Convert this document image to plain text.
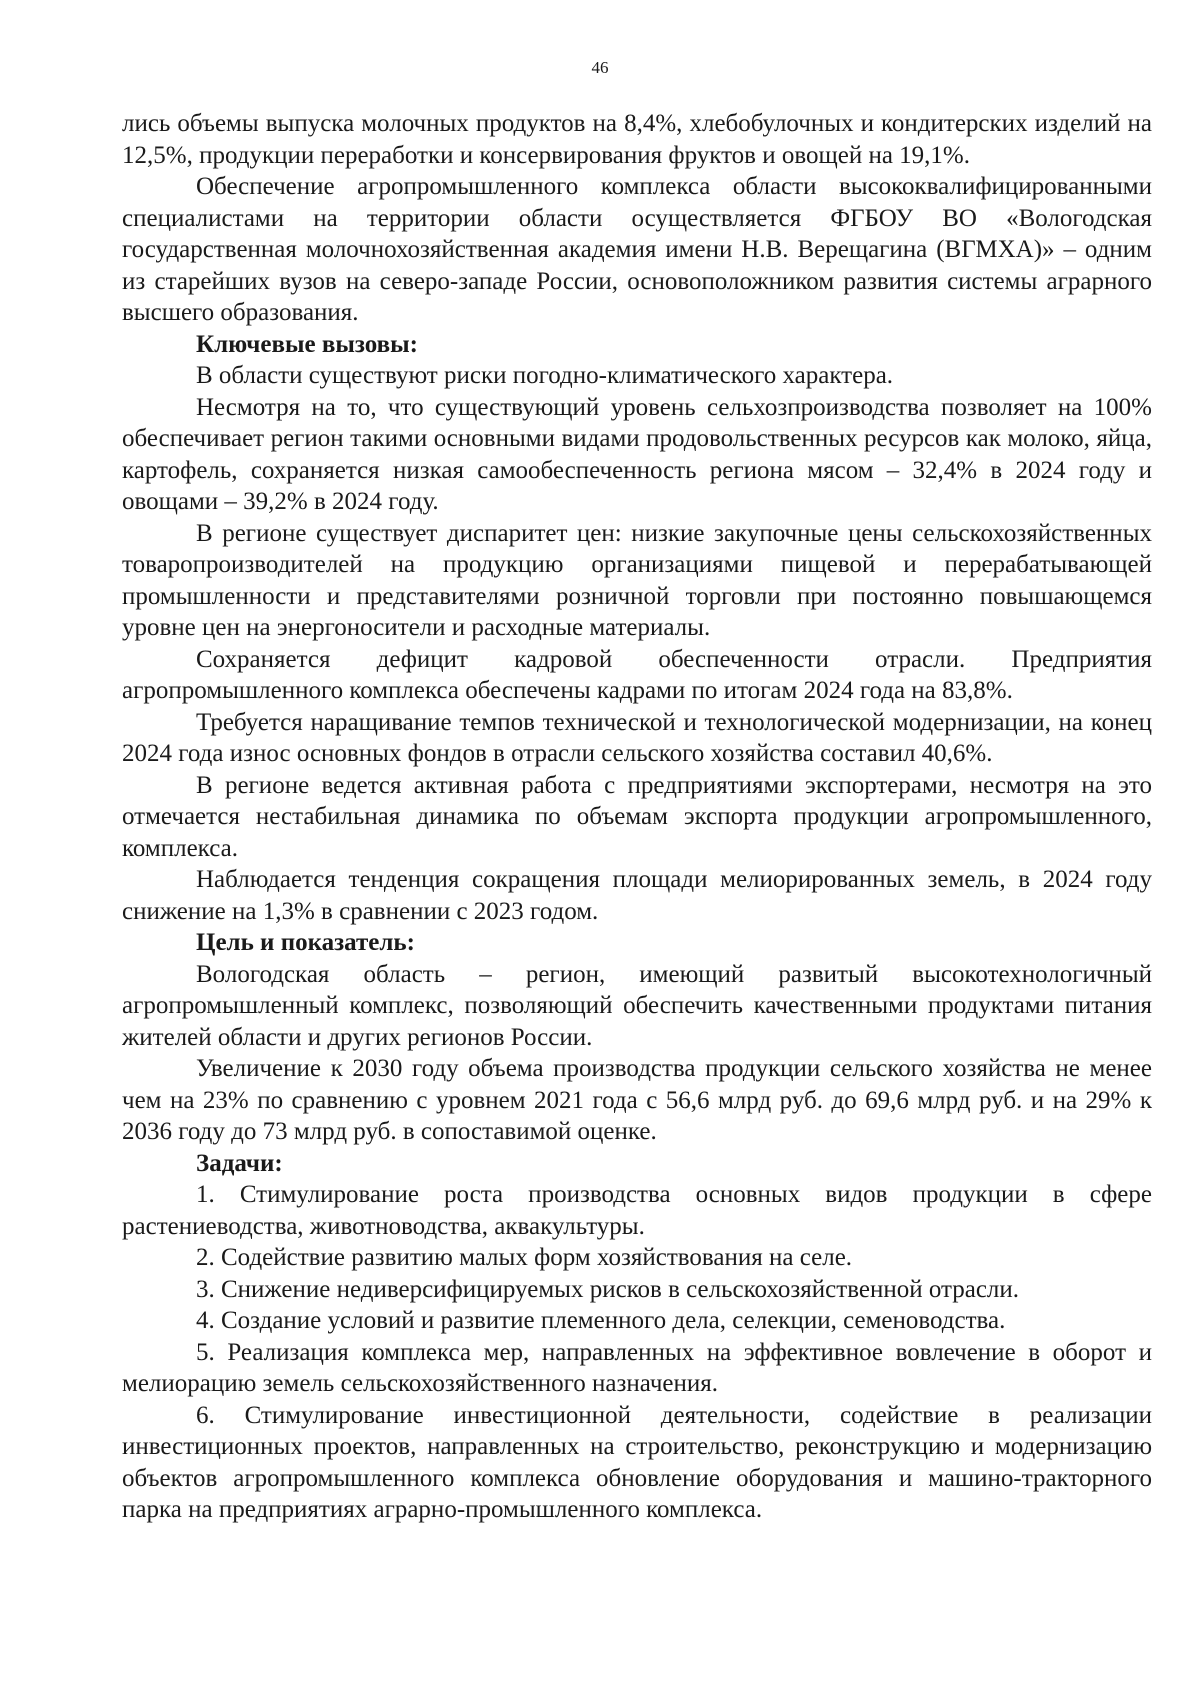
46

лись объемы выпуска молочных продуктов на 8,4%, хлебобулочных и кондитерских изделий на 12,5%, продукции переработки и консервирования фруктов и овощей на 19,1%.

Обеспечение агропромышленного комплекса области высококвалифицированными специалистами на территории области осуществляется ФГБОУ ВО «Вологодская государственная молочнохозяйственная академия имени Н.В. Верещагина (ВГМХА)» – одним из старейших вузов на северо-западе России, основоположником развития системы аграрного высшего образования.

Ключевые вызовы:

В области существуют риски погодно-климатического характера.

Несмотря на то, что существующий уровень сельхозпроизводства позволяет на 100% обеспечивает регион такими основными видами продовольственных ресурсов как молоко, яйца, картофель, сохраняется низкая самообеспеченность региона мясом – 32,4% в 2024 году и овощами – 39,2% в 2024 году.

В регионе существует диспаритет цен: низкие закупочные цены сельскохозяйственных товаропроизводителей на продукцию организациями пищевой и перерабатывающей промышленности и представителями розничной торговли при постоянно повышающемся уровне цен на энергоносители и расходные материалы.

Сохраняется дефицит кадровой обеспеченности отрасли. Предприятия агропромышленного комплекса обеспечены кадрами по итогам 2024 года на 83,8%.

Требуется наращивание темпов технической и технологической модернизации, на конец 2024 года износ основных фондов в отрасли сельского хозяйства составил 40,6%.

В регионе ведется активная работа с предприятиями экспортерами, несмотря на это отмечается нестабильная динамика по объемам экспорта продукции агропромышленного, комплекса.

Наблюдается тенденция сокращения площади мелиорированных земель, в 2024 году снижение на 1,3% в сравнении с 2023 годом.

Цель и показатель:

Вологодская область – регион, имеющий развитый высокотехнологичный агропромышленный комплекс, позволяющий обеспечить качественными продуктами питания жителей области и других регионов России.

Увеличение к 2030 году объема производства продукции сельского хозяйства не менее чем на 23% по сравнению с уровнем 2021 года с 56,6 млрд руб. до 69,6 млрд руб. и на 29% к 2036 году до 73 млрд руб. в сопоставимой оценке.

Задачи:

1. Стимулирование роста производства основных видов продукции в сфере растениеводства, животноводства, аквакультуры.

2. Содействие развитию малых форм хозяйствования на селе.

3. Снижение недиверсифицируемых рисков в сельскохозяйственной отрасли.

4. Создание условий и развитие племенного дела, селекции, семеноводства.

5. Реализация комплекса мер, направленных на эффективное вовлечение в оборот и мелиорацию земель сельскохозяйственного назначения.

6. Стимулирование инвестиционной деятельности, содействие в реализации инвестиционных проектов, направленных на строительство, реконструкцию и модернизацию объектов агропромышленного комплекса обновление оборудования и машино-тракторного парка на предприятиях аграрно-промышленного комплекса.
